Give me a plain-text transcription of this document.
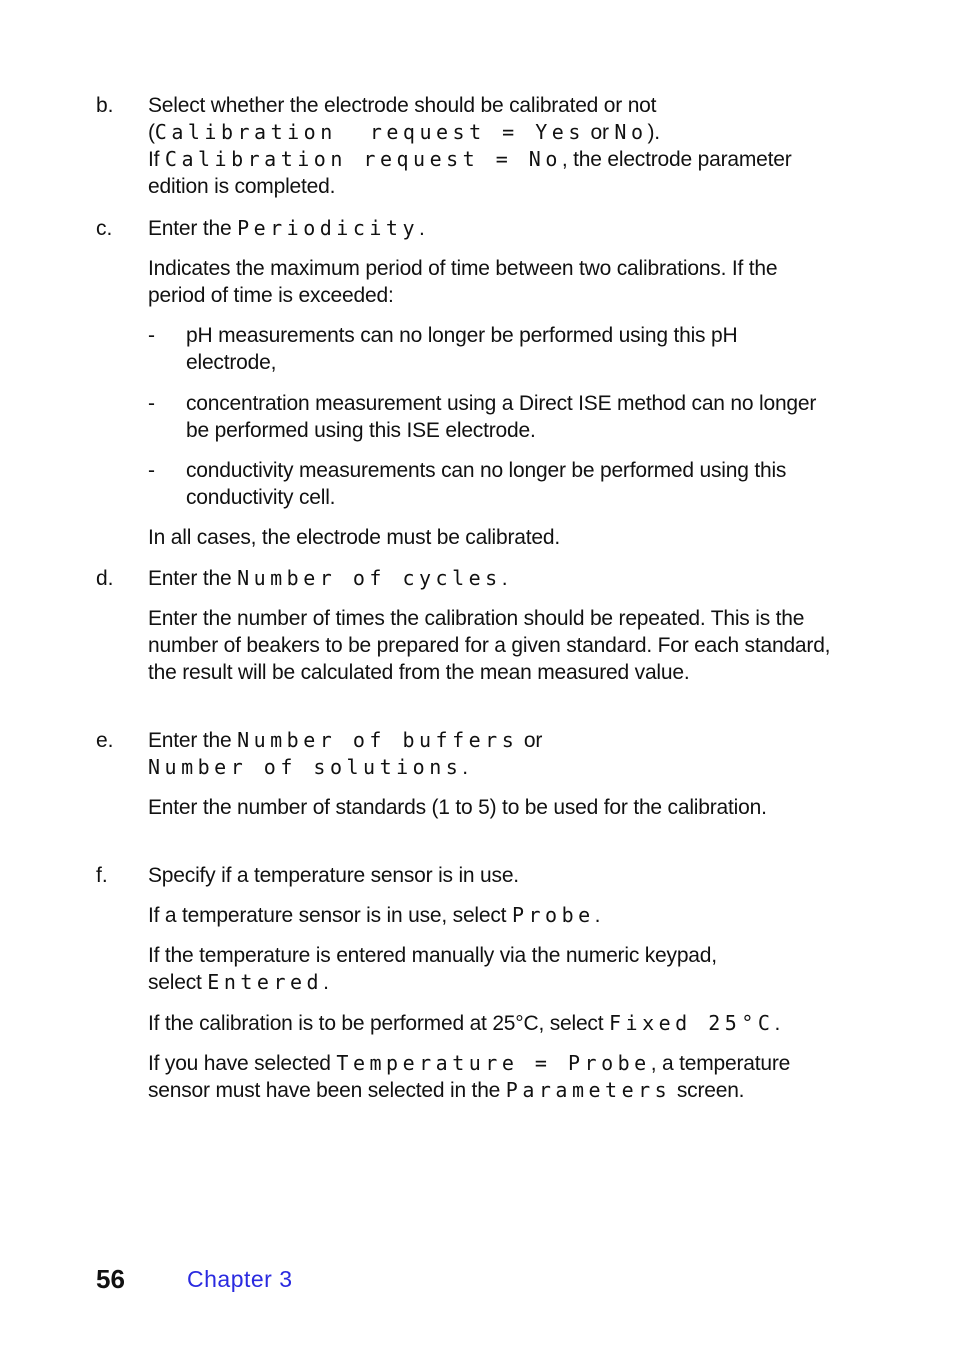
b. Select whether the electrode should be calibrated or not
(Calibration  request = Yes or No).
If Calibration request = No, the electrode parameter
edition is completed.
c. Enter the Periodicity.
Indicates the maximum period of time between two calibrations. If the period of time is exceeded:
- pH measurements can no longer be performed using this pH electrode,
- concentration measurement using a Direct ISE method can no longer be performed using this ISE electrode.
- conductivity measurements can no longer be performed using this conductivity cell.
In all cases, the electrode must be calibrated.
d. Enter the Number of cycles.
Enter the number of times the calibration should be repeated. This is the number of beakers to be prepared for a given standard. For each standard, the result will be calculated from the mean measured value.
e. Enter the Number of buffers or
Number of solutions.
Enter the number of standards (1 to 5) to be used for the calibration.
f. Specify if a temperature sensor is in use.
If a temperature sensor is in use, select Probe.
If the temperature is entered manually via the numeric keypad,
select Entered.
If the calibration is to be performed at 25°C, select Fixed 25°C.
If you have selected Temperature = Probe, a temperature
sensor must have been selected in the Parameters screen.
56	Chapter 3
